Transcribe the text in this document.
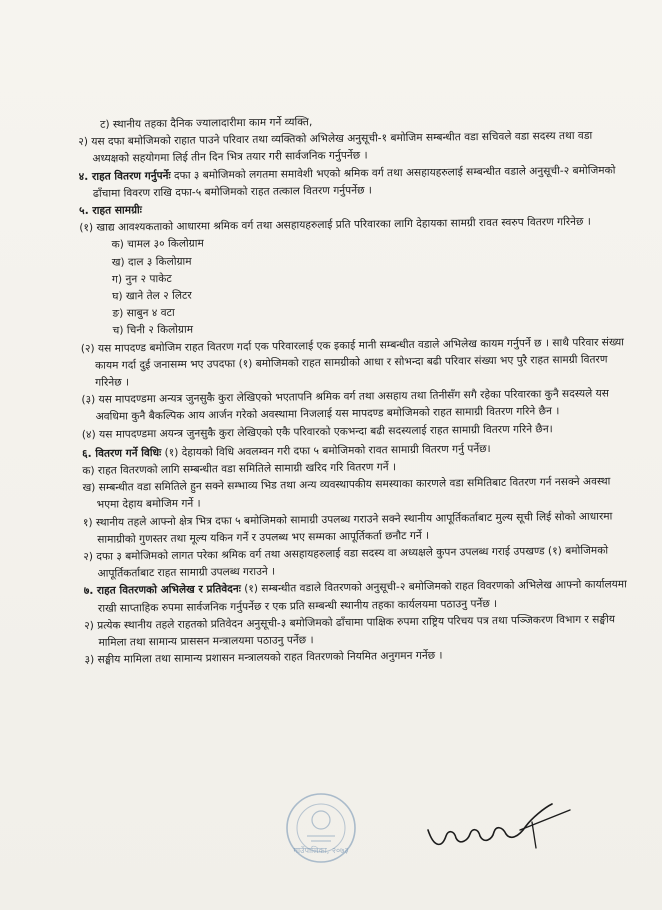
ट) स्थानीय तहका दैनिक ज्यालादारीमा काम गर्ने व्यक्ति,

२) यस दफा बमोजिमको राहात पाउने परिवार तथा व्यक्तिको अभिलेख अनुसूची-१ बमोजिम सम्बन्धीत वडा सचिवले वडा सदस्य तथा वडा अध्यक्षको सहयोगमा लिई तीन दिन भित्र तयार गरी सार्वजनिक गर्नुपर्नेछ ।

४. राहत वितरण गर्नुपर्नेः दफा ३ बमोजिमको लगतमा समावेशी भएको श्रमिक वर्ग तथा असहायहरुलाई सम्बन्धीत वडाले अनुसूची-२ बमोजिमको ढाँचामा विवरण राखि दफा-५ बमोजिमको राहत तत्काल वितरण गर्नुपर्नेछ ।

५. राहत सामग्रीः

(१) खाद्य आवश्यकताको आधारमा श्रमिक वर्ग तथा असहायहरुलाई प्रति परिवारका लागि देहायका सामग्री रावत स्वरुप वितरण गरिनेछ ।

क) चामल ३० किलोग्राम

ख) दाल ३ किलोग्राम

ग) नुन २ पाकेट

घ) खाने तेल २ लिटर

ङ) साबुन ४ वटा

च) चिनी २ किलोग्राम

(२) यस मापदण्ड बमोजिम राहत वितरण गर्दा एक परिवारलाई एक इकाई मानी सम्बन्धीत वडाले अभिलेख कायम गर्नुपर्ने छ । साथै परिवार संख्या कायम गर्दा दुई जनासम्म भए उपदफा (१) बमोजिमको राहत सामग्रीको आधा र सोभन्दा बढी परिवार संख्या भए पुरै राहत सामग्री वितरण गरिनेछ ।

(३) यस मापदण्डमा अन्यत्र जुनसुकै कुरा लेखिएको भएतापनि श्रमिक वर्ग तथा असहाय तथा तिनीसँग सगै रहेका परिवारका कुनै सदस्यले यस अवधिमा कुनै बैकल्पिक आय आर्जन गरेको अवस्थामा निजलाई यस मापदण्ड बमोजिमको राहत सामाग्री वितरण गरिने छैन ।

(४) यस मापदण्डमा अयन्त्र जुनसुकै कुरा लेखिएको एकै परिवारको एकभन्दा बढी सदस्यलाई राहत सामाग्री वितरण गरिने छैन।

६. वितरण गर्ने विधिः (१) देहायको विधि अवलम्वन गरी दफा ५ बमोजिमको रावत सामाग्री वितरण गर्नु पर्नेछ।

क) राहत वितरणको लागि सम्बन्धीत वडा समितिले सामाग्री खरिद गरि वितरण गर्ने ।

ख) सम्बन्धीत वडा समितिले हुन सक्ने सम्भाव्य भिड तथा अन्य व्यवस्थापकीय समस्याका कारणले वडा समितिबाट वितरण गर्न नसक्ने अवस्था भएमा देहाय बमोजिम गर्ने ।

१) स्थानीय तहले आफ्नो क्षेत्र भित्र दफा ५ बमोजिमको सामाग्री उपलब्ध गराउने सक्ने स्थानीय आपूर्तिकर्ताबाट मुल्य सूची लिई सोको आधारमा सामाग्रीको गुणस्तर तथा मूल्य यकिन गर्ने र उपलब्ध भए सम्मका आपूर्तिकर्ता छनौट गर्ने ।

२) दफा ३ बमोजिमको लागत परेका श्रमिक वर्ग तथा असहायहरुलाई वडा सदस्य वा अध्यक्षले कुपन उपलब्ध गराई उपखण्ड (१) बमोजिमको आपूर्तिकर्ताबाट राहत सामाग्री उपलब्ध गराउने ।

७. राहत वितरणको अभिलेख र प्रतिवेदनः (१) सम्बन्धीत वडाले वितरणको अनुसूची-२ बमोजिमको राहत विवरणको अभिलेख आफ्नो कार्यालयमा राखी साप्ताहिक रुपमा सार्वजनिक गर्नुपर्नेछ र एक प्रति सम्बन्धी स्थानीय तहका कार्यलयमा पठाउनु पर्नेछ ।

२) प्रत्येक स्थानीय तहले राहतको प्रतिवेदन अनुसूची-३ बमोजिमको ढाँचामा पाक्षिक रुपमा राष्ट्रिय परिचय पत्र तथा पञ्जिकरण विभाग र सङ्घीय मामिला तथा सामान्य प्राससन मन्त्रालयमा पठाउनु पर्नेछ ।

३) सङ्घीय मामिला तथा सामान्य प्रशासन मन्त्रालयको राहत वितरणको नियमित अनुगमन गर्नेछ ।

गाउँपालिका, २०७३
